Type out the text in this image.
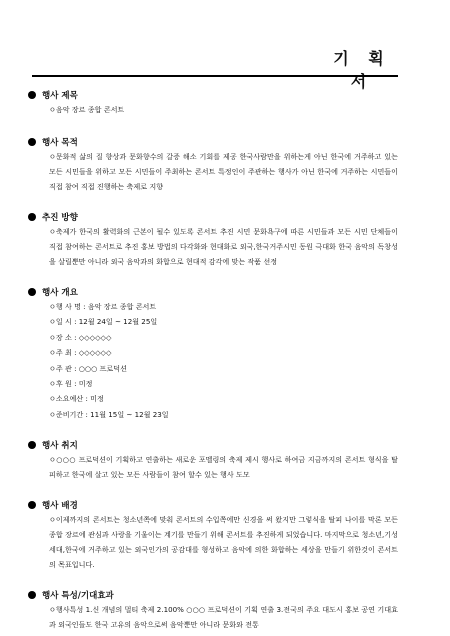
기 획 서
행사 제목

ㅇ음악 장르 종합 콘서트

행사 목적

ㅇ문화적 삶의 질 향상과 문화향수의 갈증 해소 기회를 제공 한국사람만을 위하는게 아닌 한국에 거주하고 있는 모든 시민들을 위하고 모든 시민들이 주최하는 콘서트 특정인이 주관하는 행사가 아닌 한국에 거주하는 시민들이 직접 참여 직접 진행하는 축제로 지향

추진 방향

ㅇ축제가 한국의 활력화의 근본이 될수 있도록 콘서트 추진 시민 문화욕구에 따른 시민들과 모든 시민 단체들이 직접 참여하는 콘서트로 추진 홍보 방법의 다각화와 현대화로 외국,한국거주시민 동원 극대화 한국 음악의 독창성을 살릴뿐만 아니라 외국 음악과의 화합으로 현대적 감각에 맞는 작품 선정

행사 개요
ㅇ행 사 명 : 음악 장르 종합 콘서트
ㅇ일 시 : 12월 24일 ~ 12월 25일
ㅇ장 소 : ◇◇◇◇◇◇
ㅇ주 최 : ◇◇◇◇◇◇
ㅇ주 관 : ○○○ 프로덕션
ㅇ후 원 : 미정
ㅇ소요예산 : 미정
ㅇ준비기간 : 11월 15일 ~ 12월 23일
행사 취지

ㅇ○○○ 프로덕션이 기획하고 연출하는 새로운 포멜링의 축제 제시 행사로 하여금 지금까지의 콘서트 형식을 탈피하고 한국에 살고 있는 모든 사람들이 참여 할수 있는 행사 도모

행사 배경

ㅇ이제까지의 콘서트는 청소년쪽에 맞춰 콘서트의 수입쪽에만 신경을 써 왔지만 그렇식을 탈피 나이를 막론 모든 종합 장르에 관심과 사랑을 기울이는 계기를 만들기 위해 콘서트를 추진하게 되었습니다. 마지막으로 청소년,기성세대,한국에 거주하고 있는 외국인가의 공감대를 형성하고 음악에 의한 화합하는 세상을 만들기 위한것이 콘서트의 목표입니다.

행사 특성/기대효과

ㅇ행사특성 1.신 개념의 멀티 축제 2.100% ○○○ 프로덕션이 기획 연출 3.전국의 주요 대도시 홍보 공연 기대효과 외국인들도 한국 고유의 음악으로써 음악뿐만 아니라 문화와 전통
